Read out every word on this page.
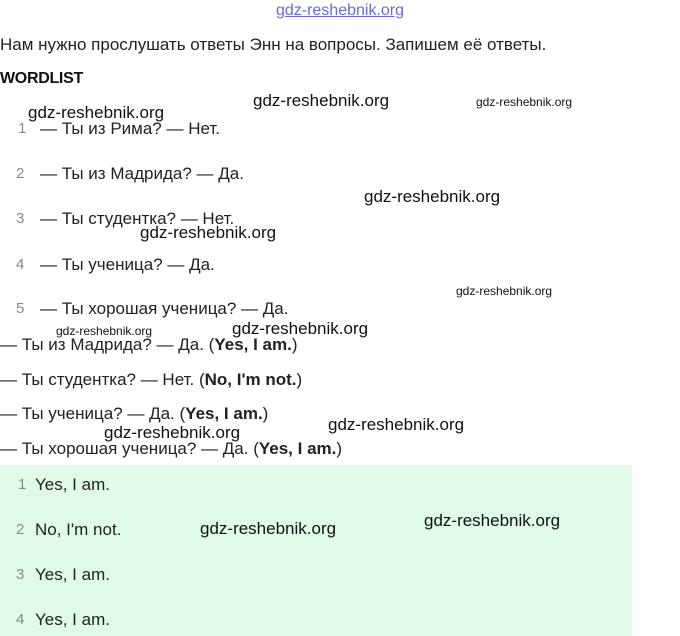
gdz-reshebnik.org
Нам нужно прослушать ответы Энн на вопросы. Запишем её ответы.
WORDLIST
1 — Ты из Рима? — Нет.
2 — Ты из Мадрида? — Да.
3 — Ты студентка? — Нет.
4 — Ты ученица? — Да.
5 — Ты хорошая ученица? — Да.
— Ты из Мадрида? — Да. (Yes, I am.)
— Ты студентка? — Нет. (No, I'm not.)
— Ты ученица? — Да. (Yes, I am.)
— Ты хорошая ученица? — Да. (Yes, I am.)
1 Yes, I am.
2 No, I'm not.
3 Yes, I am.
4 Yes, I am.
gdz-reshebnik.org
gdz-reshebnik.org	gdz-reshebnik.org
gdz-reshebnik.org
gdz-reshebnik.org
gdz-reshebnik.org
gdz-reshebnik.org	gdz-reshebnik.org
gdz-reshebnik.org
gdz-reshebnik.org
gdz-reshebnik.org	gdz-reshebnik.org
